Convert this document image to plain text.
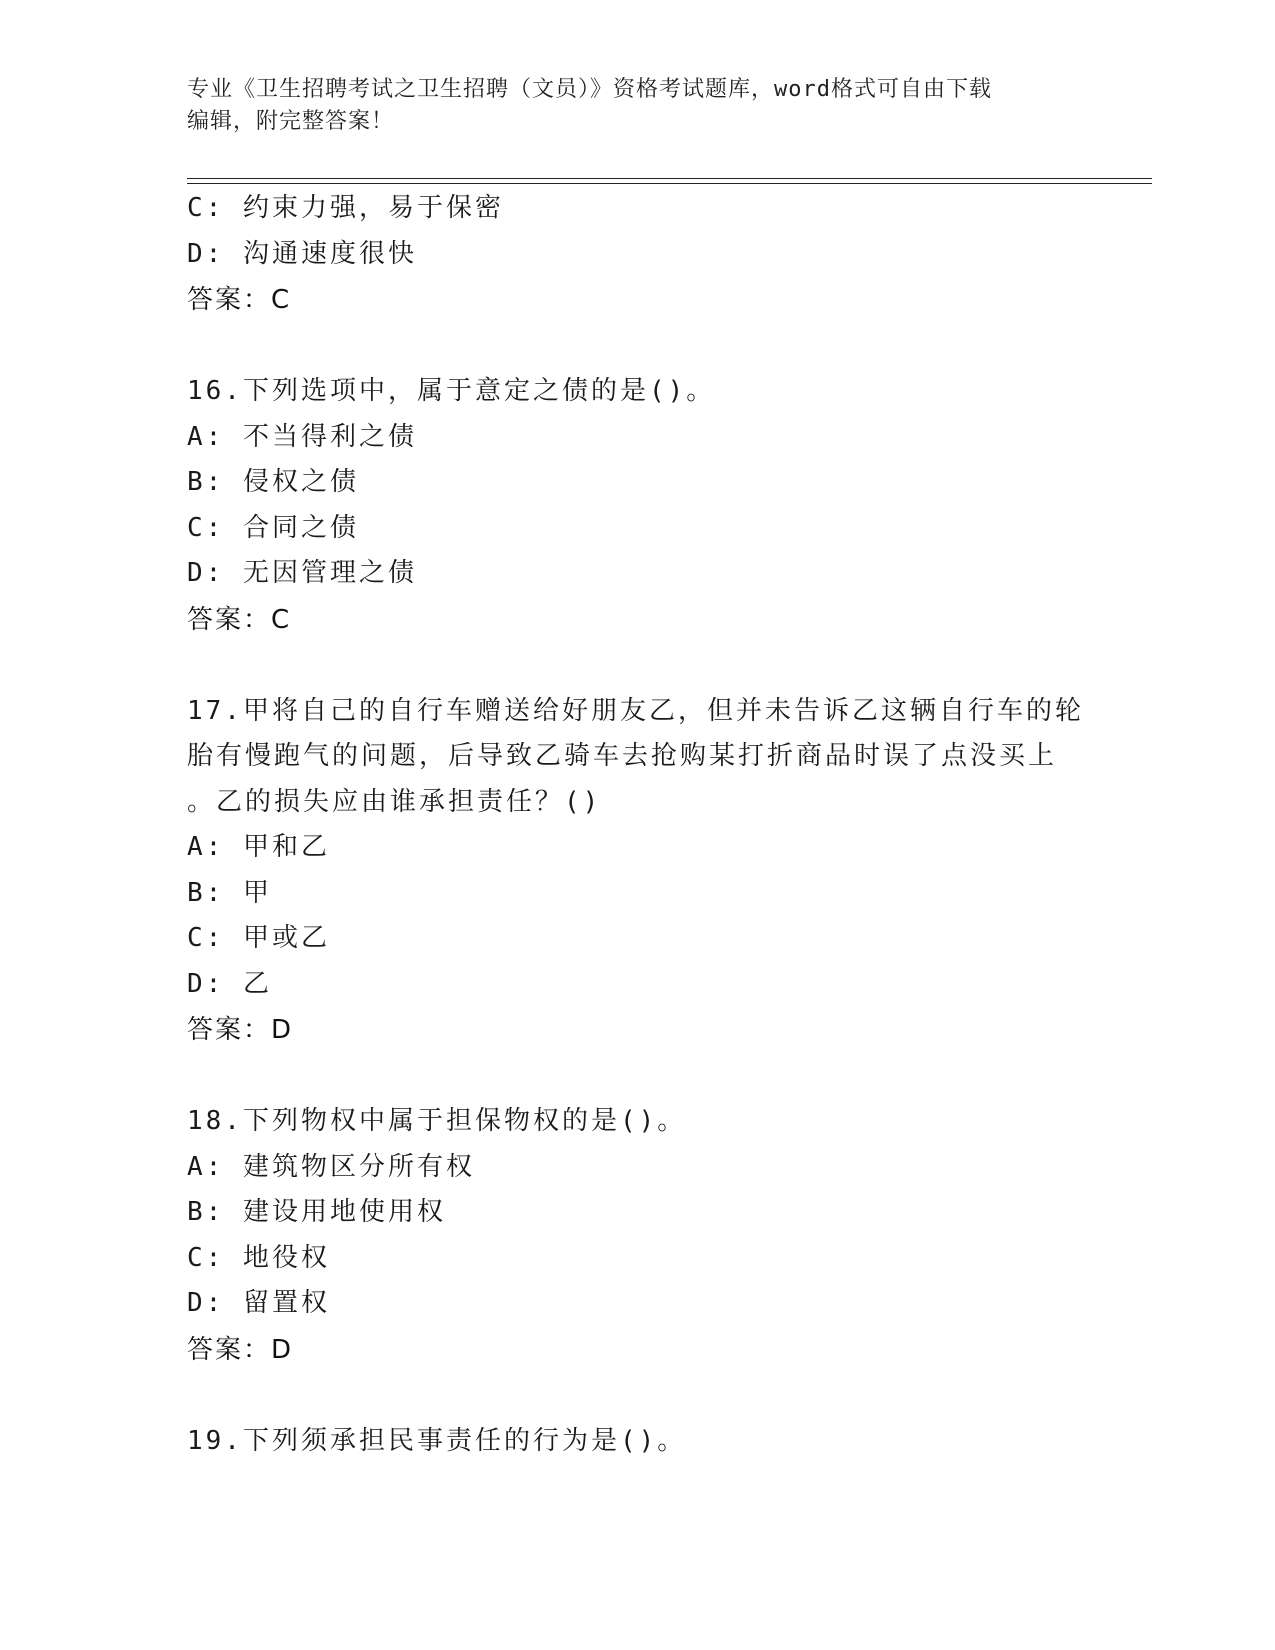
专业《卫生招聘考试之卫生招聘（文员）》资格考试题库，word格式可自由下载
编辑，附完整答案！
C: 约束力强，易于保密
D: 沟通速度很快
答案：C
16.下列选项中，属于意定之债的是()。
A: 不当得利之债
B: 侵权之债
C: 合同之债
D: 无因管理之债
答案：C
17.甲将自己的自行车赠送给好朋友乙，但并未告诉乙这辆自行车的轮
胎有慢跑气的问题，后导致乙骑车去抢购某打折商品时误了点没买上
。乙的损失应由谁承担责任？()
A: 甲和乙
B: 甲
C: 甲或乙
D: 乙
答案：D
18.下列物权中属于担保物权的是()。
A: 建筑物区分所有权
B: 建设用地使用权
C: 地役权
D: 留置权
答案：D
19.下列须承担民事责任的行为是()。
